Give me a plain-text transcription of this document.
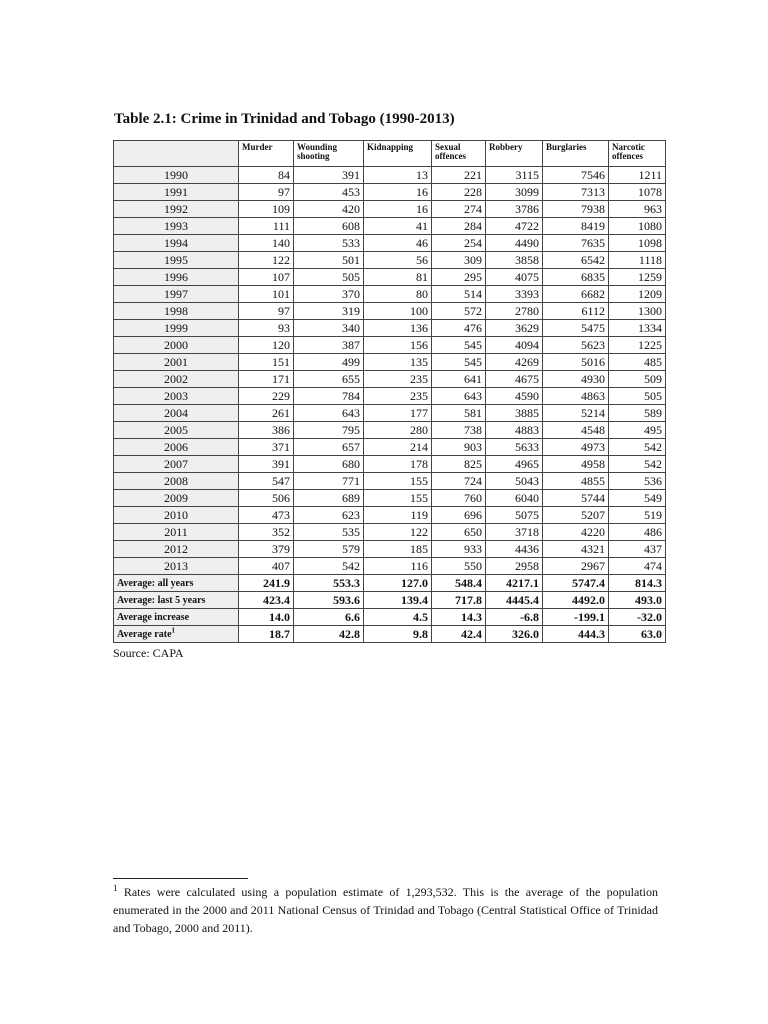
Table 2.1: Crime in Trinidad and Tobago (1990-2013)
	Murder	Wounding shooting	Kidnapping	Sexual offences	Robbery	Burglaries	Narcotic offences
1990	84	391	13	221	3115	7546	1211
1991	97	453	16	228	3099	7313	1078
1992	109	420	16	274	3786	7938	963
1993	111	608	41	284	4722	8419	1080
1994	140	533	46	254	4490	7635	1098
1995	122	501	56	309	3858	6542	1118
1996	107	505	81	295	4075	6835	1259
1997	101	370	80	514	3393	6682	1209
1998	97	319	100	572	2780	6112	1300
1999	93	340	136	476	3629	5475	1334
2000	120	387	156	545	4094	5623	1225
2001	151	499	135	545	4269	5016	485
2002	171	655	235	641	4675	4930	509
2003	229	784	235	643	4590	4863	505
2004	261	643	177	581	3885	5214	589
2005	386	795	280	738	4883	4548	495
2006	371	657	214	903	5633	4973	542
2007	391	680	178	825	4965	4958	542
2008	547	771	155	724	5043	4855	536
2009	506	689	155	760	6040	5744	549
2010	473	623	119	696	5075	5207	519
2011	352	535	122	650	3718	4220	486
2012	379	579	185	933	4436	4321	437
2013	407	542	116	550	2958	2967	474
Average: all years	241.9	553.3	127.0	548.4	4217.1	5747.4	814.3
Average: last 5 years	423.4	593.6	139.4	717.8	4445.4	4492.0	493.0
Average increase	14.0	6.6	4.5	14.3	-6.8	-199.1	-32.0
Average rate$^1$	18.7	42.8	9.8	42.4	326.0	444.3	63.0
Source: CAPA
$^1$ Rates were calculated using a population estimate of 1,293,532. This is the average of the population enumerated in the 2000 and 2011 National Census of Trinidad and Tobago (Central Statistical Office of Trinidad and Tobago, 2000 and 2011).
